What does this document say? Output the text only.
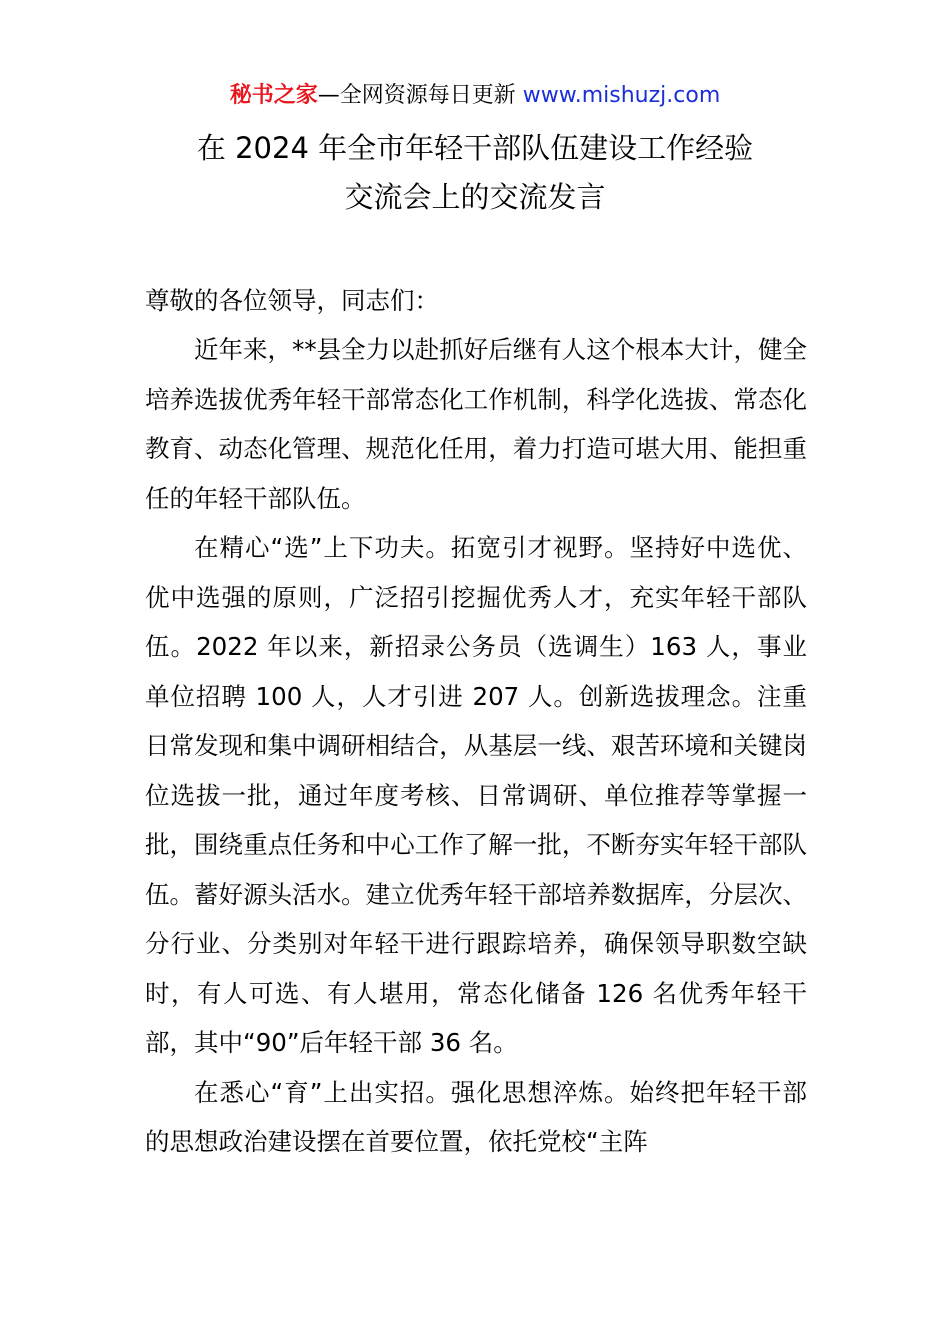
秘书之家—全网资源每日更新 www.mishuzj.com
在 2024 年全市年轻干部队伍建设工作经验
交流会上的交流发言

尊敬的各位领导，同志们：

近年来，**县全力以赴抓好后继有人这个根本大计，健全培养选拔优秀年轻干部常态化工作机制，科学化选拔、常态化教育、动态化管理、规范化任用，着力打造可堪大用、能担重任的年轻干部队伍。

在精心“选”上下功夫。拓宽引才视野。坚持好中选优、优中选强的原则，广泛招引挖掘优秀人才，充实年轻干部队伍。2022 年以来，新招录公务员（选调生）163 人，事业单位招聘 100 人，人才引进 207 人。创新选拔理念。注重日常发现和集中调研相结合，从基层一线、艰苦环境和关键岗位选拔一批，通过年度考核、日常调研、单位推荐等掌握一批，围绕重点任务和中心工作了解一批，不断夯实年轻干部队伍。蓄好源头活水。建立优秀年轻干部培养数据库，分层次、分行业、分类别对年轻干进行跟踪培养，确保领导职数空缺时，有人可选、有人堪用，常态化储备 126 名优秀年轻干部，其中“90”后年轻干部 36 名。

在悉心“育”上出实招。强化思想淬炼。始终把年轻干部的思想政治建设摆在首要位置，依托党校“主阵
